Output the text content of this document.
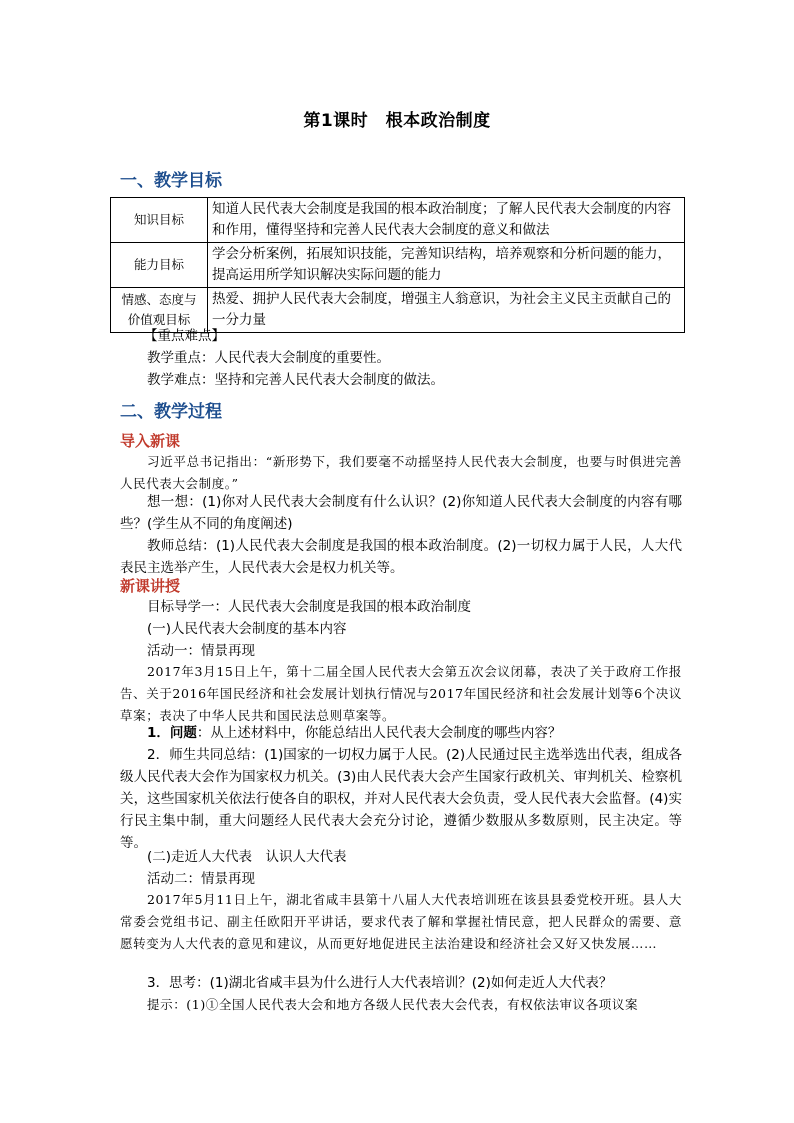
第1课时　根本政治制度
一、教学目标
知识目标	知道人民代表大会制度是我国的根本政治制度；了解人民代表大会制度的内容和作用，懂得坚持和完善人民代表大会制度的意义和做法
能力目标	学会分析案例，拓展知识技能，完善知识结构，培养观察和分析问题的能力，提高运用所学知识解决实际问题的能力

情感、态度与
价值观目标	热爱、拥护人民代表大会制度，增强主人翁意识，为社会主义民主贡献自己的一分力量
【重点难点】
教学重点：人民代表大会制度的重要性。
教学难点：坚持和完善人民代表大会制度的做法。
二、教学过程
导入新课
习近平总书记指出：“新形势下，我们要毫不动摇坚持人民代表大会制度，也要与时俱进完善人民代表大会制度。”
想一想：(1)你对人民代表大会制度有什么认识？(2)你知道人民代表大会制度的内容有哪些？(学生从不同的角度阐述)
教师总结：(1)人民代表大会制度是我国的根本政治制度。(2)一切权力属于人民，人大代表民主选举产生，人民代表大会是权力机关等。
新课讲授
目标导学一：人民代表大会制度是我国的根本政治制度
(一)人民代表大会制度的基本内容
活动一：情景再现
2017年3月15日上午，第十二届全国人民代表大会第五次会议闭幕，表决了关于政府工作报告、关于2016年国民经济和社会发展计划执行情况与2017年国民经济和社会发展计划等6个决议草案；表决了中华人民共和国民法总则草案等。
1．问题：从上述材料中，你能总结出人民代表大会制度的哪些内容？
2．师生共同总结：(1)国家的一切权力属于人民。(2)人民通过民主选举选出代表，组成各级人民代表大会作为国家权力机关。(3)由人民代表大会产生国家行政机关、审判机关、检察机关，这些国家机关依法行使各自的职权，并对人民代表大会负责，受人民代表大会监督。(4)实行民主集中制，重大问题经人民代表大会充分讨论，遵循少数服从多数原则，民主决定。等等。
(二)走近人大代表　认识人大代表
活动二：情景再现
2017年5月11日上午，湖北省咸丰县第十八届人大代表培训班在该县县委党校开班。县人大常委会党组书记、副主任欧阳开平讲话，要求代表了解和掌握社情民意，把人民群众的需要、意愿转变为人大代表的意见和建议，从而更好地促进民主法治建设和经济社会又好又快发展……
3．思考：(1)湖北省咸丰县为什么进行人大代表培训？(2)如何走近人大代表？
提示：(1)①全国人民代表大会和地方各级人民代表大会代表，有权依法审议各项议案
